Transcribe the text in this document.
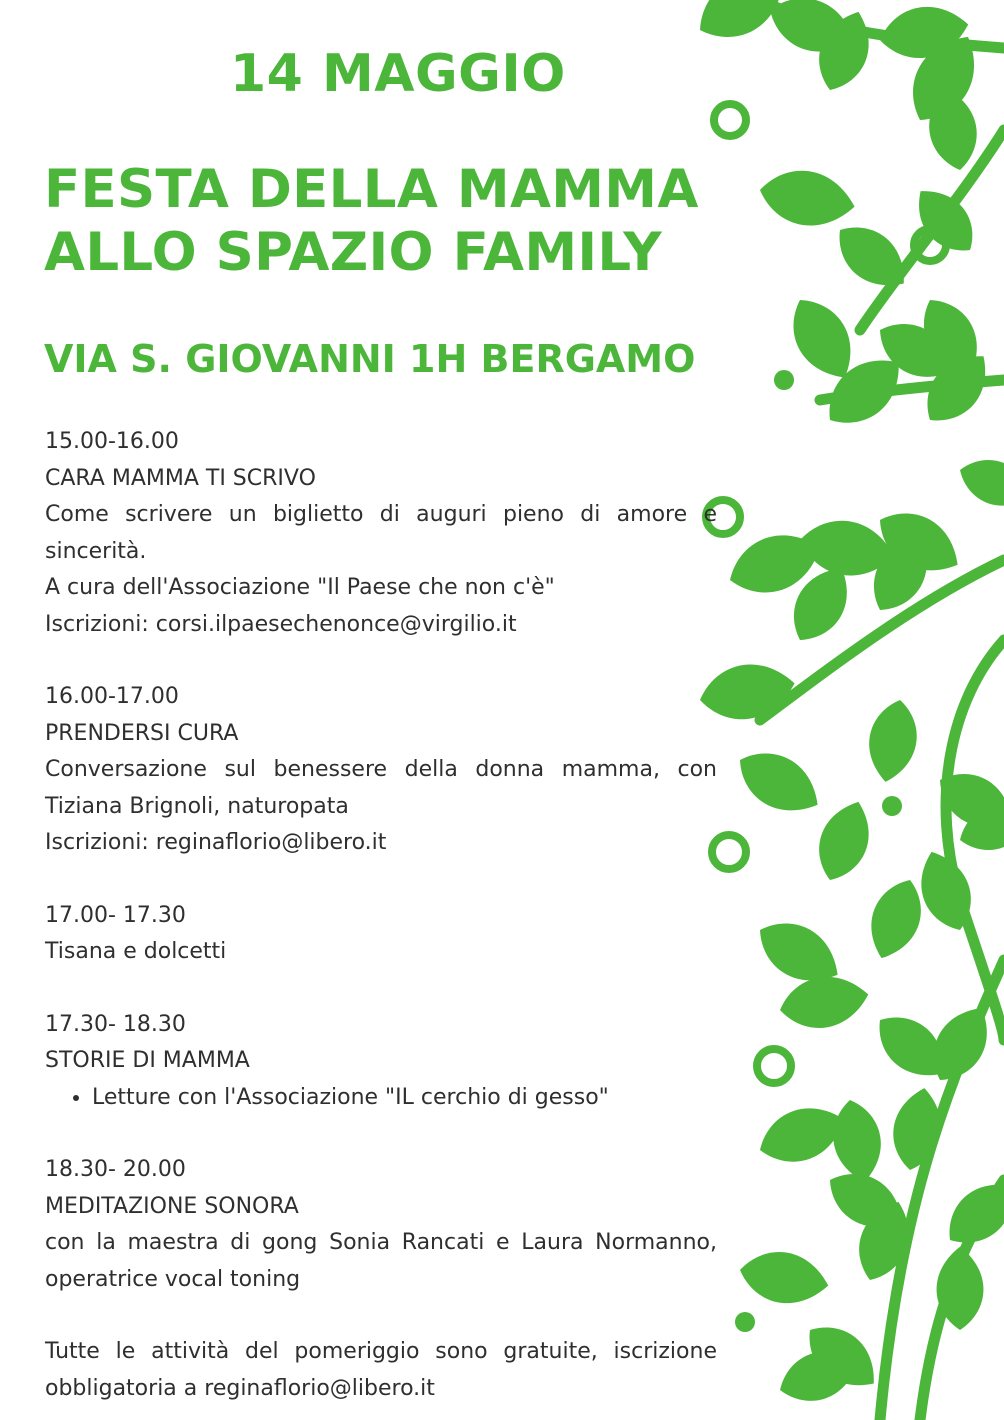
14 MAGGIO
FESTA DELLA MAMMA
ALLO SPAZIO FAMILY
VIA S. GIOVANNI 1H BERGAMO
15.00-16.00
CARA MAMMA TI SCRIVO
Come scrivere un biglietto di auguri pieno di amore e sincerità.
A cura dell'Associazione "Il Paese che non c'è"
Iscrizioni: corsi.ilpaesechenonce@virgilio.it
16.00-17.00
PRENDERSI CURA
Conversazione sul benessere della donna mamma, con Tiziana Brignoli, naturopata
Iscrizioni: reginaflorio@libero.it
17.00- 17.30
Tisana e dolcetti
17.30- 18.30
STORIE DI MAMMA
• Letture con l'Associazione "IL cerchio di gesso"
18.30- 20.00
MEDITAZIONE SONORA
con la maestra di gong Sonia Rancati e Laura Normanno, operatrice vocal toning
Tutte le attività del pomeriggio sono gratuite, iscrizione obbligatoria a reginaflorio@libero.it
